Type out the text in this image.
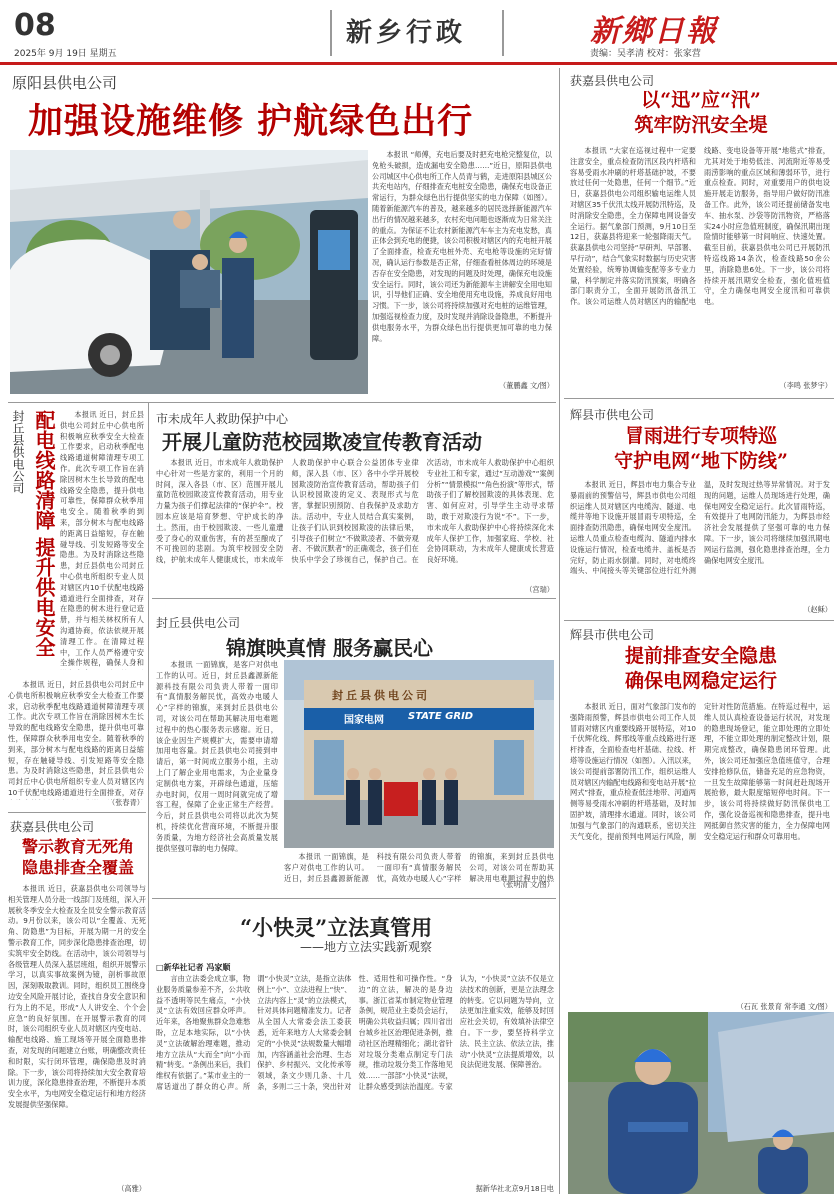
08
2025年 9月 19日 星期五
新乡行政	新鄉日報
责编：吴孝清 校对：张家营
原阳县供电公司
加强设施维修 护航绿色出行

本报讯 “师傅，充电后要及时把充电枪完整复位，以免枪头破损，造成漏电安全隐患……”近日，原阳县供电公司城区中心供电所工作人员青与鹤，走进原阳县城区公共充电站内，仔细排查充电桩安全隐患，确保充电设备正常运行，为群众绿色出行提供坚实的电力保障（如图）。随着新能源汽车的普及，越来越多的居民选择新能源汽车出行的情况越来越多，农村充电问题也逐渐成为日常关注的重点。为保证不让农村新能源汽车车主为充电发愁，真正体会到充电的便捷，该公司积极对辖区内的充电桩开展了全面排查，检查充电桩外壳、充电枪等设施的完好情况，确认运行参数是否正常，仔细查看桩体周边的环境是否存在安全隐患，对发现的问题及时处理，确保充电设施安全运行。同时，该公司还为新能源车主讲解安全用电知识，引导他们正确、安全地使用充电设施，养成良好用电习惯。下一步，该公司将持续加强对充电桩的运维管理，加强巡视检查力度，及时发现并消除设备隐患，不断提升供电服务水平，为群众绿色出行提供更加可靠的电力保障。

（董鹏鑫 文/图）
获嘉县供电公司
以“迅”应“汛”
筑牢防汛安全堤

本报讯 “大家在巡视过程中一定要注意安全，重点检查防汛区段内杆塔和容易受雨水冲刷的杆塔基础护坡，不要放过任何一处隐患，任何一个细节。”近日，获嘉县供电公司组织输电运维人员对辖区35千伏汛太线开展防汛特巡，及时消除安全隐患，全力保障电网设备安全运行。据气象部门预测，9月10日至12日，获嘉县将迎来一轮强降雨天气。获嘉县供电公司坚持“早研判、早部署、早行动”，结合气象实时数据与历史灾害处置经验，统筹协调输变配等多专业力量，科学制定并落实防汛预案，明确各部门职责分工，全面开展防汛备汛工作。该公司运维人员对辖区内的输配电线路、变电设备等开展“地毯式”排查，尤其对处于地势低洼、河流附近等易受雨涝影响的重点区域和薄弱环节，进行重点检查。同时，对重要用户的供电设施开展走访服务，指导用户做好防汛准备工作。此外，该公司还提前储备发电车、抽水泵、沙袋等防汛物资，严格落实24小时应急值班制度，确保汛期出现险情时能够第一时间响应、快速处置。截至目前，获嘉县供电公司已开展防汛特巡线路14条次，检查线路50余公里，消除隐患6处。下一步，该公司将持续开展汛期安全检查，强化值班值守，全力确保电网安全度汛和可靠供电。

（李鸣 张梦宇）
封丘县供电公司 配电线路清障 提升供电安全	本报讯 近日，封丘县供电公司封丘中心供电所积极响应秋季安全大检查工作要求，启动秋季配电线路通道树障清理专项工作。此次专项工作旨在消除因树木生长导致的配电线路安全隐患，提升供电可靠性，保障群众秋季用电安全。随着秋季的到来，部分树木与配电线路的距离日益缩短，存在触碰导线、引发短路等安全隐患。为及时消除这些隐患，封丘县供电公司封丘中心供电所组织专业人员对辖区内10千伏配电线路通道进行全面排查，对存在隐患的树木进行登记造册，并与相关林权所有人沟通协商，依法依规开展清理工作。在清障过程中，工作人员严格遵守安全操作规程，确保人身和

本报讯 近日，封丘县供电公司封丘中心供电所积极响应秋季安全大检查工作要求，启动秋季配电线路通道树障清理专项工作。此次专项工作旨在消除因树木生长导致的配电线路安全隐患，提升供电可靠性，保障群众秋季用电安全。随着秋季的到来，部分树木与配电线路的距离日益缩短，存在触碰导线、引发短路等安全隐患。为及时消除这些隐患，封丘县供电公司封丘中心供电所组织专业人员对辖区内10千伏配电线路通道进行全面排查，对存

（张春青）
市未成年人救助保护中心
开展儿童防范校园欺凌宣传教育活动

本报讯 近日，市未成年人救助保护中心针对一些是方家的，利用一个月的时间，深入各县（市、区）范围开展儿童防范校园欺凌宣传教育活动，用专业力量为孩子们撑起法律的“保护伞”。校园本应该是培育梦想、守护成长的净土。然而，由于校园欺凌、一些儿童遭受了身心的双重伤害，有的甚至酿成了不可挽回的悲剧。为筑牢校园安全防线，护航未成年人健康成长，市未成年人救助保护中心联合公益团体专业律师，深入县（市、区）各中小学开展校园欺凌防治宣传教育活动，帮助孩子们认识校园欺凌的定义、表现形式与危害，掌握识别预防、自我保护及求助方法。活动中，专业人员结合真实案例，让孩子们认识到校园欺凌的法律后果，引导孩子们树立“不做欺凌者、不做旁观者、不做沉默者”的正确观念，孩子们在快乐中学会了珍视自己，保护自己。在次活动，市未成年人救助保护中心组织专业社工和专家，通过“互动游戏”“案例分析”“情景模拟”“角色扮演”等形式，帮助孩子们了解校园欺凌的具体表现、危害、如何应对，引导学生主动寻求帮助，敢于对欺凌行为说“不”。下一步，市未成年人救助保护中心将持续深化未成年人保护工作，加强家庭、学校、社会协同联动，为未成年人健康成长营造良好环境。

（宫瑞）
辉县市供电公司
冒雨进行专项特巡
守护电网“地下防线”

本报讯 近日，辉县市电力集合专业暴雨前的预警信号，辉县市供电公司组织运维人员对辖区内电缆沟、隧道、电缆井等地下设施开展冒雨专项特巡，全面排查防汛隐患，确保电网安全度汛。运维人员重点检查电缆沟、隧道内排水设施运行情况，检查电缆井、盖板是否完好，防止雨水倒灌。同时，对电缆终端头、中间接头等关键部位进行红外测温，及时发现过热等异常情况。对于发现的问题，运维人员现场进行处理，确保电网安全稳定运行。此次冒雨特巡，有效提升了电网防汛能力，为辉县市经济社会发展提供了坚强可靠的电力保障。下一步，该公司将继续加强汛期电网运行监测，强化隐患排查治理，全力确保电网安全度汛。

（赵稣）
封丘县供电公司
锦旗映真情 服务赢民心

本报讯 一面锦旗，是客户对供电工作的认可。近日，封丘县鑫源新能源科技有限公司负责人带着一面印有“真情服务解民忧，高效办电暖人心”字样的锦旗，来到封丘县供电公司，对该公司在帮助其解决用电难题过程中的热心服务表示感谢。近日，该企业因生产规模扩大，需要申请增加用电容量。封丘县供电公司接到申请后，第一时间成立服务小组，主动上门了解企业用电需求，为企业量身定制供电方案，开辟绿色通道，压缩办电时间，仅用一周时间就完成了增容工程，保障了企业正常生产经营。今后，封丘县供电公司将以此次为契机，持续优化营商环境，不断提升服务质量，为地方经济社会高质量发展提供坚强可靠的电力保障。

封丘县供电公司
国家电网 STATE GRID

本报讯 一面锦旗，是客户对供电工作的认可。近日，封丘县鑫源新能源科技有限公司负责人带着一面印有“真情服务解民忧，高效办电暖人心”字样的锦旗，来到封丘县供电公司，对该公司在帮助其解决用电难题过程中的热

（张明清 文/图）
获嘉县供电公司
警示教育无死角
隐患排查全覆盖

本报讯 近日，获嘉县供电公司领导与相关管理人员分赴一线部门及班组，深入开展秋冬季安全大检查及全员安全警示教育活动。9月份以来，该公司以“全覆盖、无死角、防隐患”为目标，开展为期一月的安全警示教育工作，同步深化隐患排查治理，切实筑牢安全防线。在活动中，该公司领导与各级管理人员深入基层班组，组织开展警示学习，以真实事故案例为镜，剖析事故原因，深刻吸取教训。同时，组织员工围绕身边安全风险开展讨论，查找自身安全意识和行为上的不足，形成“人人讲安全、个个会应急”的良好氛围。在开展警示教育的同时，该公司组织专业人员对辖区内变电站、输配电线路、施工现场等开展全面隐患排查，对发现的问题建立台账，明确整改责任和时限，实行闭环管理，确保隐患及时消除。下一步，该公司将持续加大安全教育培训力度，深化隐患排查治理，不断提升本质安全水平，为电网安全稳定运行和地方经济发展提供坚强保障。

（高雅）
“小快灵”立法真管用
——地方立法实践新观察
□新华社记者 冯家顺

言由立法委会成立事，物业服务质量参差不齐，公共收益不透明等民生痛点，“小快灵”立法有效回应群众呼声。近年来，各地聚焦群众急难愁盼，立足本地实际，以“小快灵”立法破解治理难题，推动地方立法从“大而全”向“小而精”转变。“条例出来后，我们维权有依据了。”某市业主的一席话道出了群众的心声。所谓“小快灵”立法，是指立法体例上“小”、立法进程上“快”、立法内容上“灵”的立法模式，针对具体问题精准发力。记者从全国人大常委会法工委获悉，近年来地方人大常委会制定的“小快灵”法规数量大幅增加，内容涵盖社会治理、生态保护、乡村振兴、文化传承等领域，条文少则几条、十几条，多则二三十条，突出针对性、适用性和可操作性。“身边”的立法，解决的是身边事。浙江省某市制定物业管理条例，规范业主委员会运行，明确公共收益归属；四川省出台城乡社区治理促进条例，推动社区治理精细化；湖北省针对垃圾分类难点制定专门法规，推动垃圾分类工作落地见效……一部部“小快灵”法规，让群众感受到法治温度。专家认为，“小快灵”立法不仅是立法技术的创新，更是立法理念的转变。它以问题为导向，立法更加注重实效，能够及时回应社会关切，有效填补法律空白。下一步，要坚持科学立法、民主立法、依法立法，推动“小快灵”立法提质增效，以良法促进发展、保障善治。

据新华社北京9月18日电
辉县市供电公司
提前排查安全隐患
确保电网稳定运行

本报讯 近日，面对气象部门发布的强降雨预警，辉县市供电公司工作人员冒雨对辖区内重要线路开展特巡，对10千伏辉化线、辉邢线等重点线路进行逐杆排查，全面检查电杆基础、拉线、杆塔等设施运行情况（如图）。入汛以来，该公司提前部署防汛工作，组织运维人员对辖区内输配电线路和变电站开展“拉网式”排查，重点检查低洼地带、河道两侧等易受雨水冲刷的杆塔基础，及时加固护坡，清理排水通道。同时，该公司加强与气象部门的沟通联系，密切关注天气变化，提前预判电网运行风险，制定针对性防范措施。在特巡过程中，运维人员认真检查设备运行状况，对发现的隐患现场登记，能立即处理的立即处理，不能立即处理的制定整改计划，限期完成整改，确保隐患闭环管理。此外，该公司还加强应急值班值守，合理安排抢修队伍，储备充足的应急物资，一旦发生故障能够第一时间赶赴现场开展抢修，最大限度缩短停电时间。下一步，该公司将持续做好防汛保供电工作，强化设备巡视和隐患排查，提升电网抵御自然灾害的能力，全力保障电网安全稳定运行和群众可靠用电。

（石瓦 张景育 常李通 文/图）
